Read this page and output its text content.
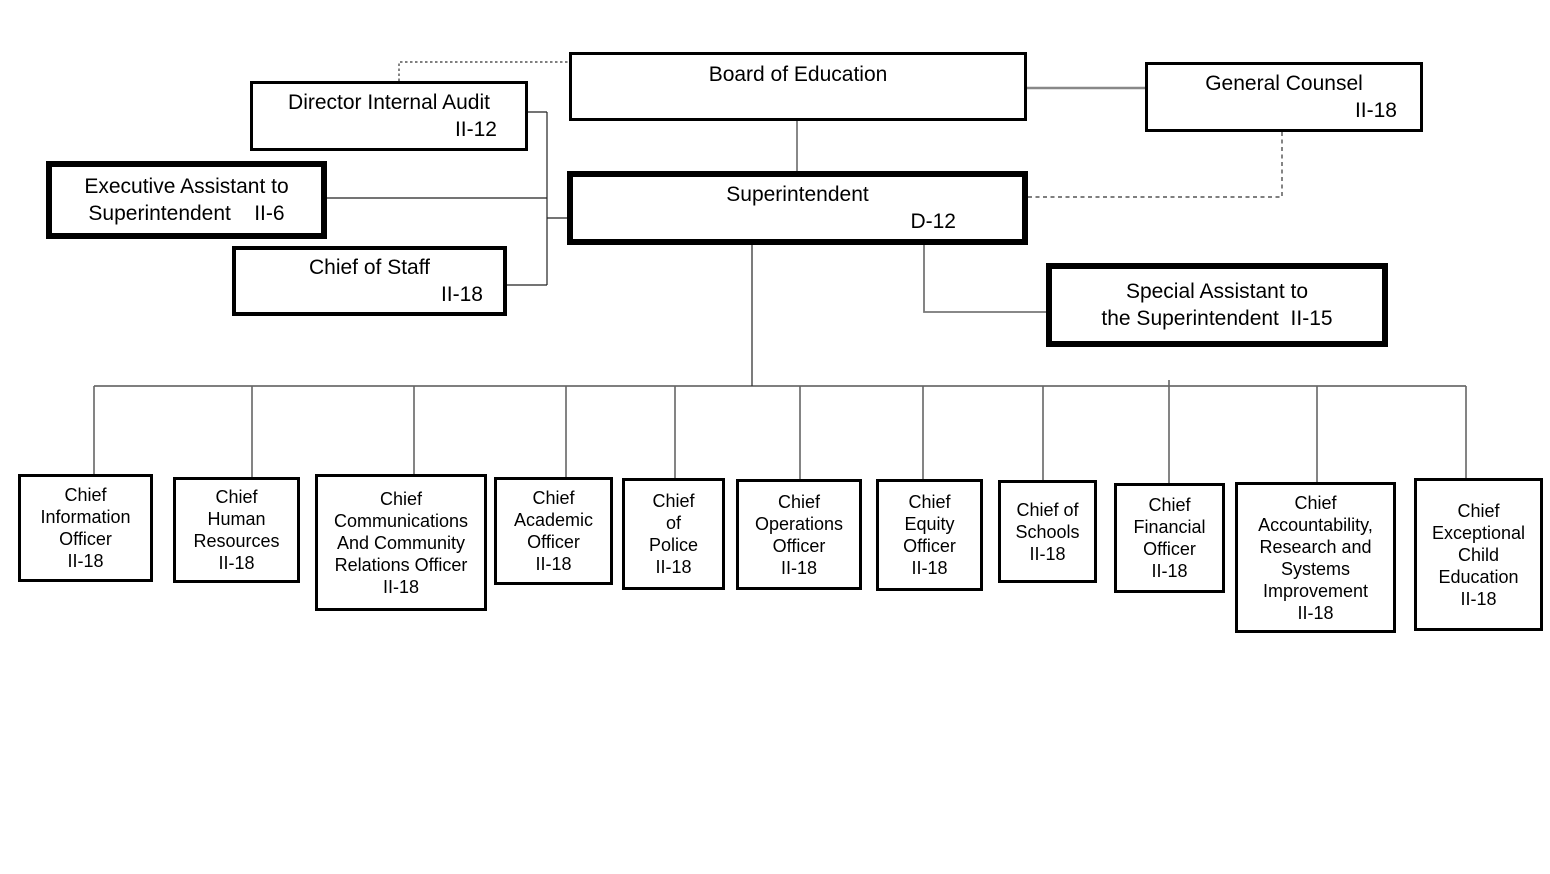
Board of Education
Director Internal Audit
II-12
Executive Assistant to
Superintendent    II-6
Chief of Staff
II-18
Superintendent
D-12
General Counsel
II-18
Special Assistant to
the Superintendent  II-15
Chief
Information
Officer
II-18
Chief
Human
Resources
II-18
Chief
Communications
And Community
Relations Officer
II-18
Chief
Academic
Officer
II-18
Chief
of
Police
II-18
Chief
Operations
Officer
II-18
Chief
Equity
Officer
II-18
Chief of
Schools
II-18
Chief
Financial
Officer
II-18
Chief
Accountability,
Research and
Systems
Improvement
II-18
Chief
Exceptional
Child
Education
II-18
